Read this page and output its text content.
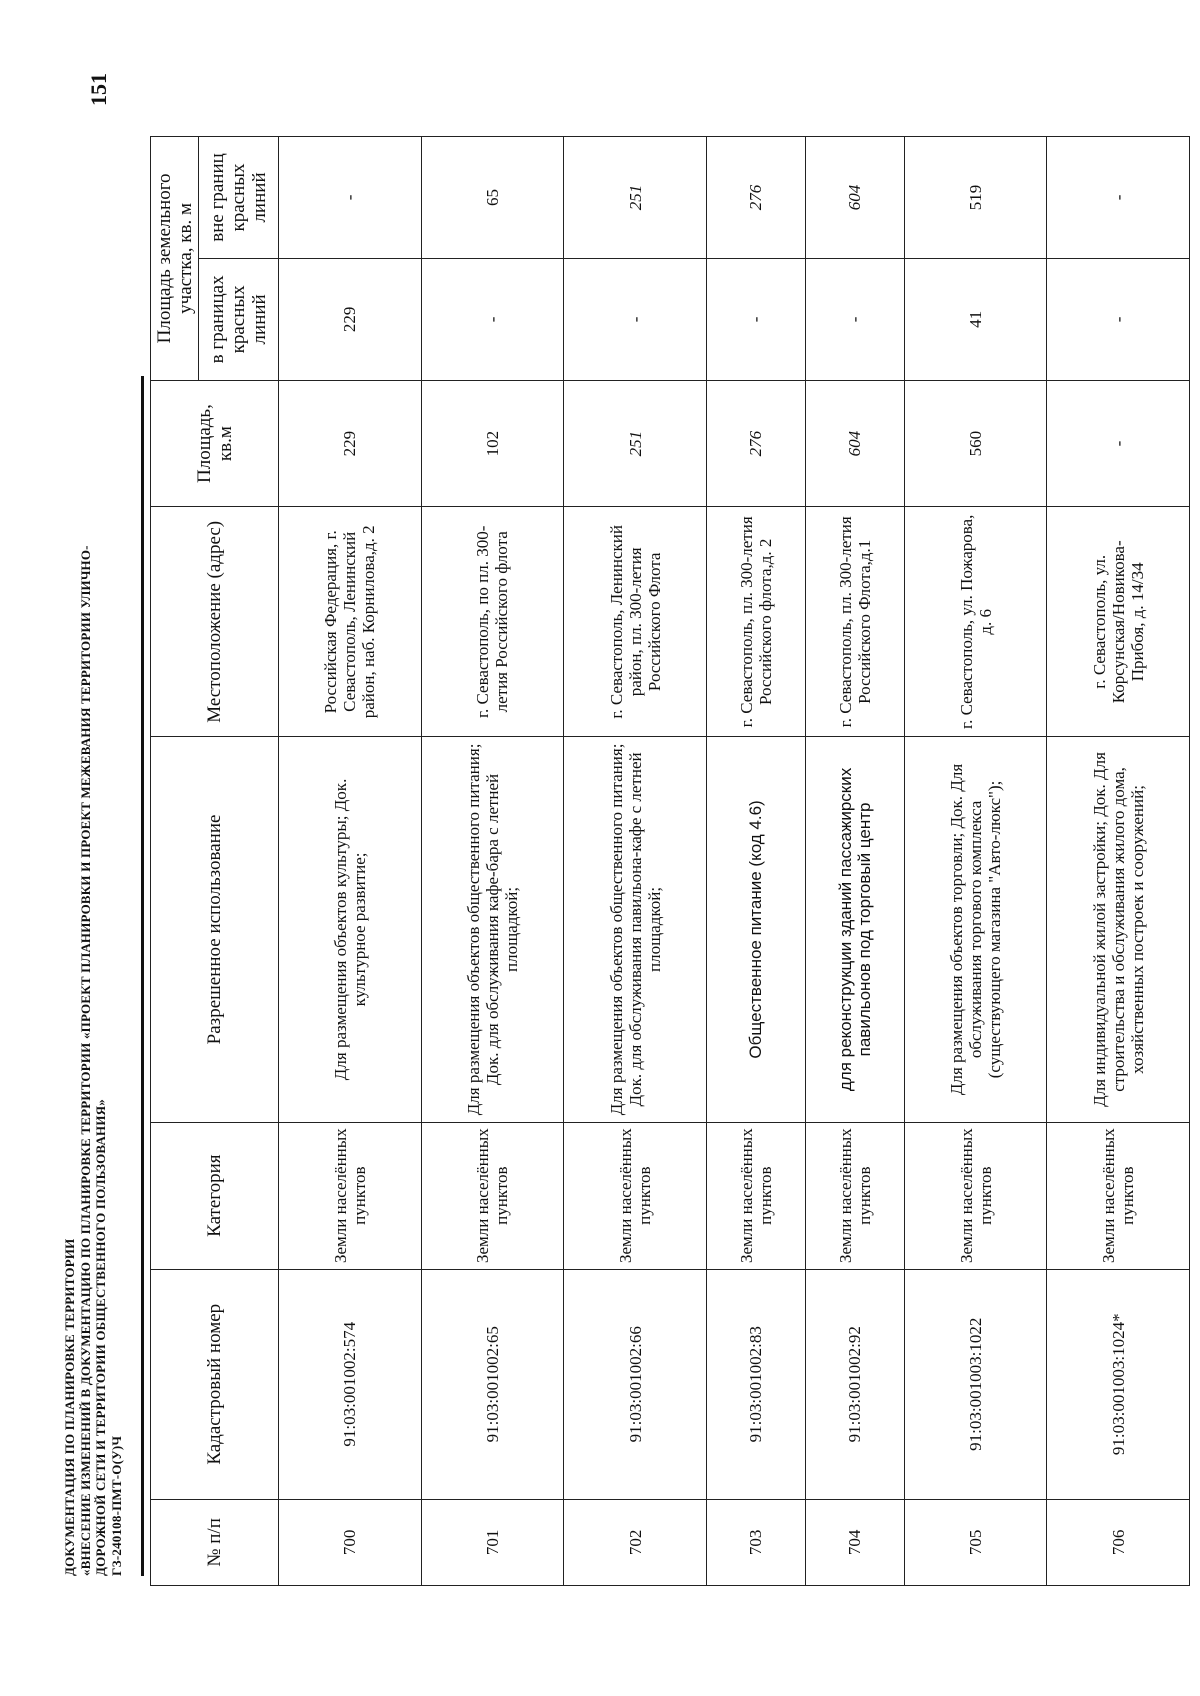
ДОКУМЕНТАЦИЯ ПО ПЛАНИРОВКЕ ТЕРРИТОРИИ «ВНЕСЕНИЕ ИЗМЕНЕНИЙ В ДОКУМЕНТАЦИЮ ПО ПЛАНИРОВКЕ ТЕРРИТОРИИ «ПРОЕКТ ПЛАНИРОВКИ И ПРОЕКТ МЕЖЕВАНИЯ ТЕРРИТОРИИ УЛИЧНО- ДОРОЖНОЙ СЕТИ И ТЕРРИТОРИИ ОБЩЕСТВЕННОГО ПОЛЬЗОВАНИЯ» ГЗ-240108-ПМТ-О(У)Ч
151
№ п/п	Кадастровый номер	Категория	Разрешенное использование	Местоположение (адрес)	Площадь, кв.м	Площадь земельного участка, кв. м	
						в границах красных линий	вне границ красных линий
700	91:03:001002:574	Земли населённых пунктов	Для размещения объектов культуры; Док. культурное развитие;	Российская Федерация, г. Севастополь, Ленинский район, наб. Корнилова,д. 2	229	229	-
701	91:03:001002:65	Земли населённых пунктов	Для размещения объектов общественного питания; Док. для обслуживания кафе-бара с летней площадкой;	г. Севастополь, по пл. 300-летия Российского флота	102	-	65
702	91:03:001002:66	Земли населённых пунктов	Для размещения объектов общественного питания; Док. для обслуживания павильона-кафе с летней площадкой;	г. Севастополь, Ленинский район, пл. 300-летия Российского Флота	251	-	251
703	91:03:001002:83	Земли населённых пунктов	Общественное питание (код 4.6)	г. Севастополь, пл. 300-летия Российского флота,д. 2	276	-	276
704	91:03:001002:92	Земли населённых пунктов	для реконструкции зданий пассажирских павильонов под торговый центр	г. Севастополь, пл. 300-летия Российского Флота,д.1	604	-	604
705	91:03:001003:1022	Земли населённых пунктов	Для размещения объектов торговли; Док. Для обслуживания торгового комплекса (существующего магазина "Авто-люкс");	г. Севастополь, ул. Пожарова, д. 6	560	41	519
706	91:03:001003:1024*	Земли населённых пунктов	Для индивидуальной жилой застройки; Док. Для строительства и обслуживания жилого дома, хозяйственных построек и сооружений;	г. Севастополь, ул. Корсунская/Новикова-Прибоя, д. 14/34	-	-	-
